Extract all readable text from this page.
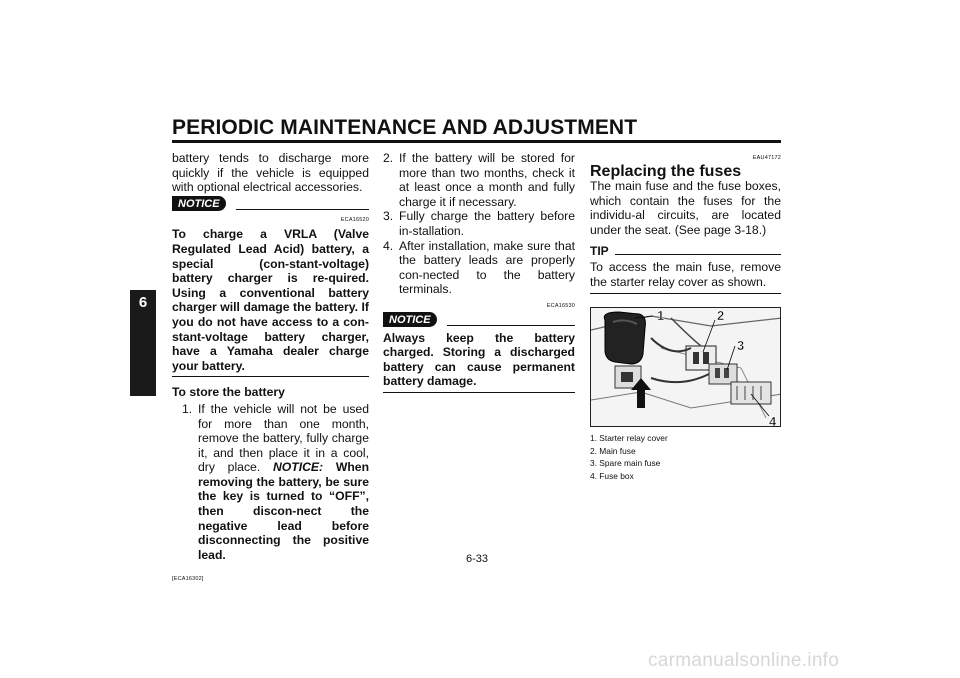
PERIODIC MAINTENANCE AND ADJUSTMENT
6

battery tends to discharge more quickly if the vehicle is equipped with optional electrical accessories.

NOTICE
ECA16520

To charge a VRLA (Valve Regulated Lead Acid) battery, a special (con-stant-voltage) battery charger is re-quired. Using a conventional battery charger will damage the battery. If you do not have access to a con-stant-voltage battery charger, have a Yamaha dealer charge your battery.

To store the battery
1. If the vehicle will not be used for more than one month, remove the battery, fully charge it, and then place it in a cool, dry place. NOTICE: When removing the battery, be sure the key is turned to “OFF”, then discon-nect the negative lead before disconnecting the positive lead.
[ECA16302]
2. If the battery will be stored for more than two months, check it at least once a month and fully charge it if necessary.
3. Fully charge the battery before in-stallation.
4. After installation, make sure that the battery leads are properly con-nected to the battery terminals.
ECA16530
NOTICE

Always keep the battery charged. Storing a discharged battery can cause permanent battery damage.

EAU47172
Replacing the fuses

The main fuse and the fuse boxes, which contain the fuses for the individu-al circuits, are located under the seat. (See page 3-18.)

TIP

To access the main fuse, remove the starter relay cover as shown.

1	2
3
4
1. Starter relay cover
2. Main fuse
3. Spare main fuse
4. Fuse box
6-33
carmanualsonline.info
